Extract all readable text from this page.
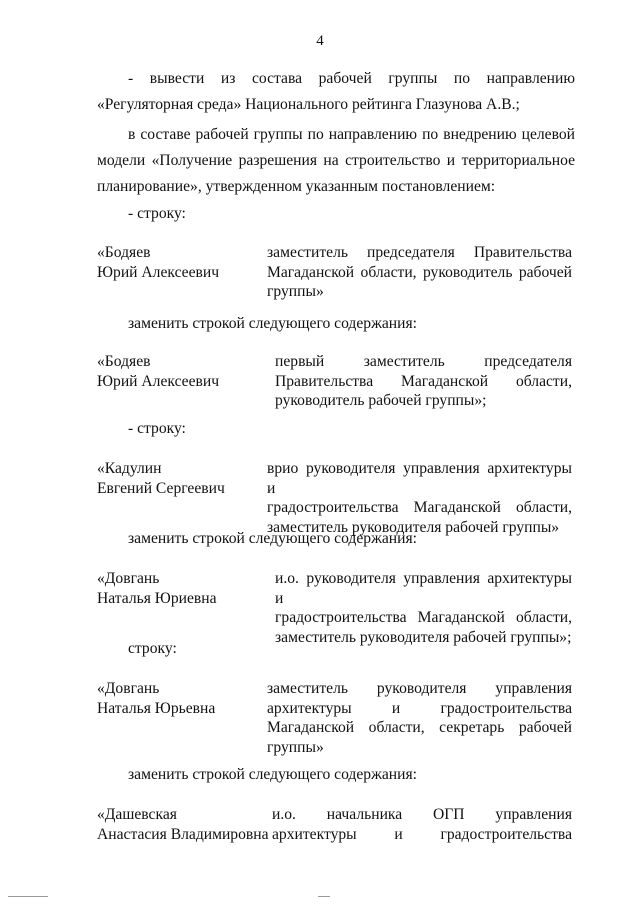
4
- вывести из состава рабочей группы по направлению
«Регуляторная среда» Национального рейтинга Глазунова А.В.;
в составе рабочей группы по направлению по внедрению целевой
модели «Получение разрешения на строительство и территориальное
планирование», утвержденном указанным постановлением:
- строку:
«Бодяев
Юрий Алексеевич
заместитель председателя Правительства
Магаданской области, руководитель рабочей
группы»
заменить строкой следующего содержания:
«Бодяев
Юрий Алексеевич
первый заместитель председателя
Правительства Магаданской области,
руководитель рабочей группы»;
- строку:
«Кадулин
Евгений Сергеевич
врио руководителя управления архитектуры и
градостроительства Магаданской области,
заместитель руководителя рабочей группы»
заменить строкой следующего содержания:
«Довгань
Наталья Юриевна
и.о. руководителя управления архитектуры и
градостроительства Магаданской области,
заместитель руководителя рабочей группы»;
строку:
«Довгань
Наталья Юрьевна
заместитель руководителя управления
архитектуры и градостроительства
Магаданской области, секретарь рабочей
группы»
заменить строкой следующего содержания:
«Дашевская
Анастасия Владимировна
и.о. начальника ОГП управления
архитектуры и градостроительства
